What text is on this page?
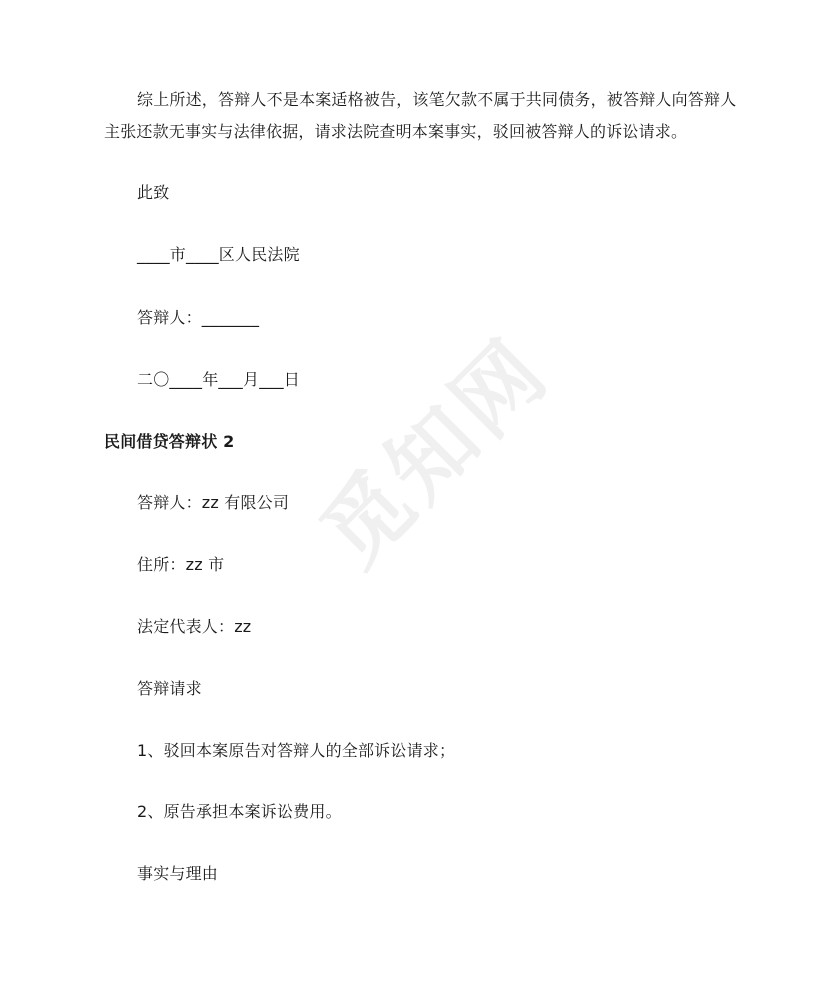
觅知网
综上所述，答辩人不是本案适格被告，该笔欠款不属于共同债务，被答辩人向答辩人
主张还款无事实与法律依据，请求法院查明本案事实，驳回被答辩人的诉讼请求。
此致
____市____区人民法院
答辩人：_______
二〇____年___月___日
民间借贷答辩状 2
答辩人：zz 有限公司
住所：zz 市
法定代表人：zz
答辩请求
1、驳回本案原告对答辩人的全部诉讼请求；
2、原告承担本案诉讼费用。
事实与理由
